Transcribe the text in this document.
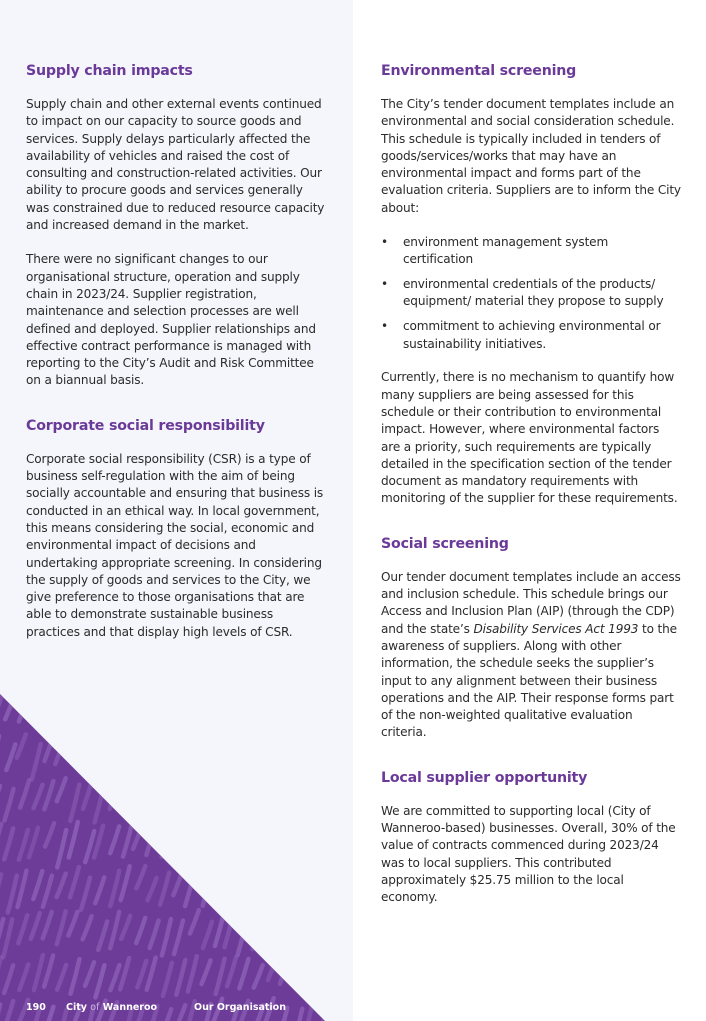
Supply chain impacts

Supply chain and other external events continued to impact on our capacity to source goods and services. Supply delays particularly affected the availability of vehicles and raised the cost of consulting and construction-related activities. Our ability to procure goods and services generally was constrained due to reduced resource capacity and increased demand in the market.

There were no significant changes to our organisational structure, operation and supply chain in 2023/24. Supplier registration, maintenance and selection processes are well defined and deployed. Supplier relationships and effective contract performance is managed with reporting to the City’s Audit and Risk Committee on a biannual basis.

Corporate social responsibility

Corporate social responsibility (CSR) is a type of business self-regulation with the aim of being socially accountable and ensuring that business is conducted in an ethical way. In local government, this means considering the social, economic and environmental impact of decisions and undertaking appropriate screening. In considering the supply of goods and services to the City, we give preference to those organisations that are able to demonstrate sustainable business practices and that display high levels of CSR.

Environmental screening

The City’s tender document templates include an environmental and social consideration schedule. This schedule is typically included in tenders of goods/services/works that may have an environmental impact and forms part of the evaluation criteria. Suppliers are to inform the City about:

• environment management system certification
• environmental credentials of the products/ equipment/ material they propose to supply
• commitment to achieving environmental or sustainability initiatives.

Currently, there is no mechanism to quantify how many suppliers are being assessed for this schedule or their contribution to environmental impact. However, where environmental factors are a priority, such requirements are typically detailed in the specification section of the tender document as mandatory requirements with monitoring of the supplier for these requirements.

Social screening

Our tender document templates include an access and inclusion schedule. This schedule brings our Access and Inclusion Plan (AIP) (through the CDP) and the state’s Disability Services Act 1993 to the awareness of suppliers. Along with other information, the schedule seeks the supplier’s input to any alignment between their business operations and the AIP. Their response forms part of the non-weighted qualitative evaluation criteria.

Local supplier opportunity

We are committed to supporting local (City of Wanneroo-based) businesses. Overall, 30% of the value of contracts commenced during 2023/24 was to local suppliers. This contributed approximately $25.75 million to the local economy.

190 City of Wanneroo	Our Organisation
